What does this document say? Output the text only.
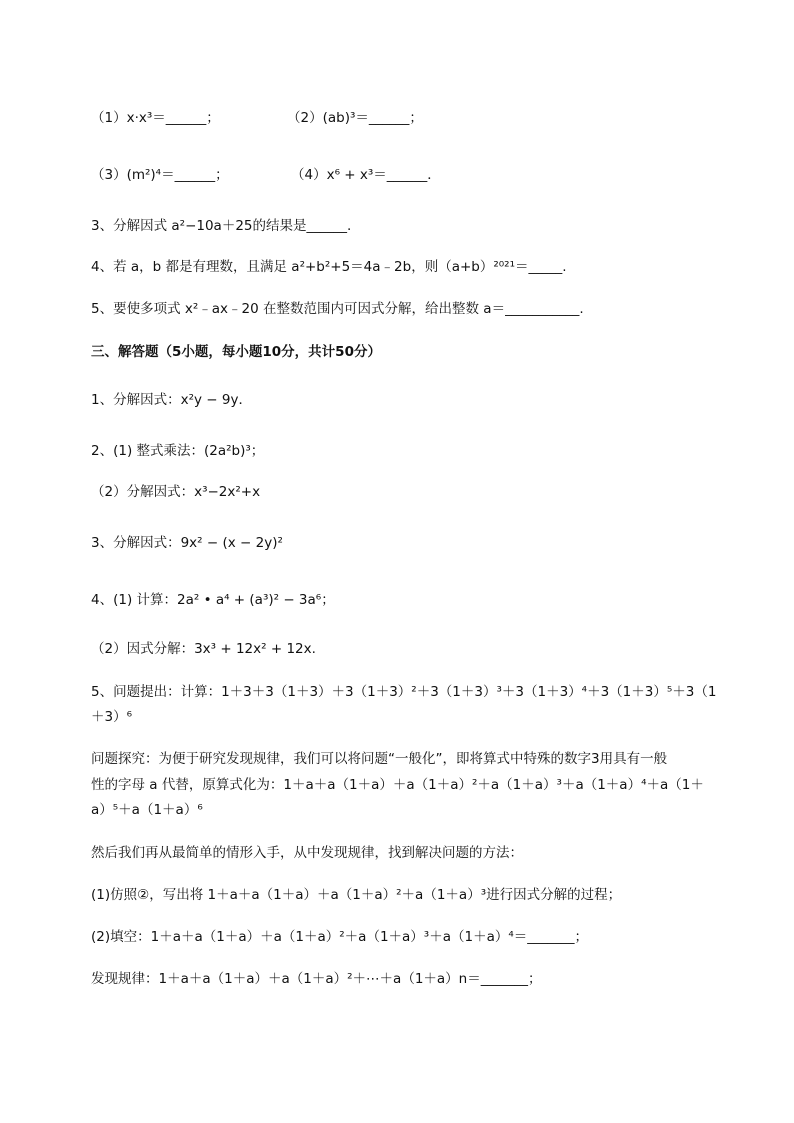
（1）x·x³＝______；	（2）(ab)³＝______；
（3）(m²)⁴＝______；	（4）x⁶ + x³＝______．
3、分解因式 a²−10a＋25的结果是______.
4、若 a，b 都是有理数，且满足 a²+b²+5＝4a﹣2b，则（a+b）²⁰²¹＝_____.
5、要使多项式 x²﹣ax﹣20 在整数范围内可因式分解，给出整数 a＝___________.
三、解答题（5小题，每小题10分，共计50分）
1、分解因式：x²y − 9y．
2、(1) 整式乘法：(2a²b)³；
（2）分解因式：x³−2x²+x
3、分解因式：9x² − (x − 2y)²
4、(1) 计算：2a² • a⁴ + (a³)² − 3a⁶；
（2）因式分解：3x³ + 12x² + 12x.
5、问题提出：计算：1＋3＋3（1＋3）＋3（1＋3）²＋3（1＋3）³＋3（1＋3）⁴＋3（1＋3）⁵＋3（1
＋3）⁶
问题探究：为便于研究发现规律，我们可以将问题“一般化”，即将算式中特殊的数字3用具有一般
性的字母 a 代替，原算式化为：1＋a＋a（1＋a）＋a（1＋a）²＋a（1＋a）³＋a（1＋a）⁴＋a（1＋
a）⁵＋a（1＋a）⁶
然后我们再从最简单的情形入手，从中发现规律，找到解决问题的方法：
(1)仿照②，写出将 1＋a＋a（1＋a）＋a（1＋a）²＋a（1＋a）³进行因式分解的过程；
(2)填空：1＋a＋a（1＋a）＋a（1＋a）²＋a（1＋a）³＋a（1＋a）⁴＝_______；
发现规律：1＋a＋a（1＋a）＋a（1＋a）²＋⋯＋a（1＋a）n＝_______；
